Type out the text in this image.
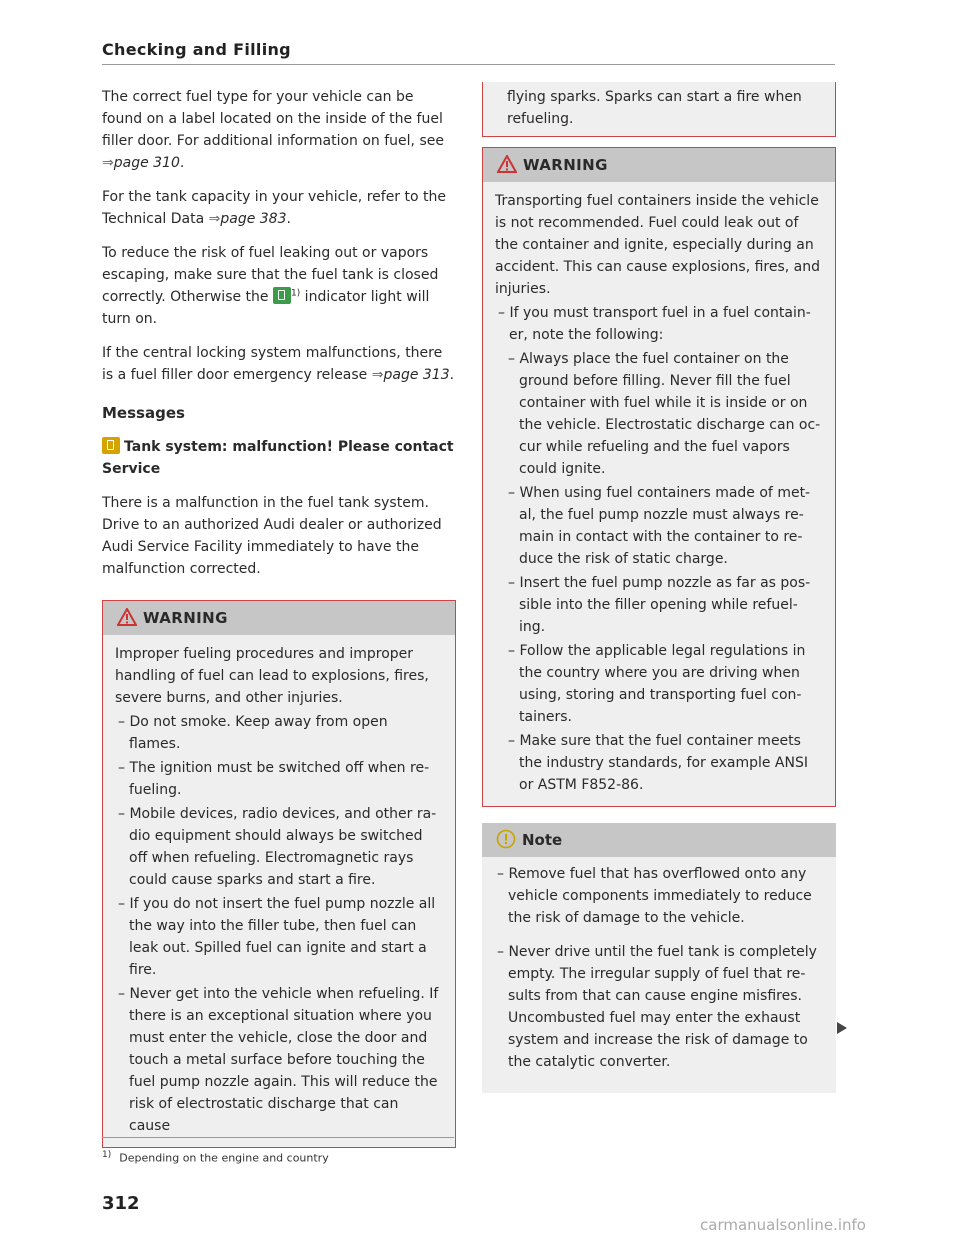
Checking and Filling

The correct fuel type for your vehicle can be found on a label located on the inside of the fuel filler door. For additional information on fuel, see ⇒page 310.

For the tank capacity in your vehicle, refer to the Technical Data ⇒page 383.

To reduce the risk of fuel leaking out or vapors escaping, make sure that the fuel tank is closed correctly. Otherwise the $^{1)}$ indicator light will turn on.

If the central locking system malfunctions, there is a fuel filler door emergency release ⇒page 313.

Messages

Tank system: malfunction! Please contact Service

There is a malfunction in the fuel tank system. Drive to an authorized Audi dealer or authorized Audi Service Facility immediately to have the malfunction corrected.

WARNING

Improper fueling procedures and improper handling of fuel can lead to explosions, fires, severe burns, and other injuries.

– Do not smoke. Keep away from open flames.

– The ignition must be switched off when re-fueling.

– Mobile devices, radio devices, and other ra-dio equipment should always be switched off when refueling. Electromagnetic rays could cause sparks and start a fire.

– If you do not insert the fuel pump nozzle all the way into the filler tube, then fuel can leak out. Spilled fuel can ignite and start a fire.

– Never get into the vehicle when refueling. If there is an exceptional situation where you must enter the vehicle, close the door and touch a metal surface before touching the fuel pump nozzle again. This will reduce the risk of electrostatic discharge that can cause

flying sparks. Sparks can start a fire when refueling.
WARNING

Transporting fuel containers inside the vehicle is not recommended. Fuel could leak out of the container and ignite, especially during an accident. This can cause explosions, fires, and injuries.

– If you must transport fuel in a fuel contain-er, note the following:

– Always place the fuel container on the ground before filling. Never fill the fuel container with fuel while it is inside or on the vehicle. Electrostatic discharge can oc-cur while refueling and the fuel vapors could ignite.

– When using fuel containers made of met-al, the fuel pump nozzle must always re-main in contact with the container to re-duce the risk of static charge.

– Insert the fuel pump nozzle as far as pos-sible into the filler opening while refuel-ing.

– Follow the applicable legal regulations in the country where you are driving when using, storing and transporting fuel con-tainers.

– Make sure that the fuel container meets the industry standards, for example ANSI or ASTM F852-86.

Note

– Remove fuel that has overflowed onto any vehicle components immediately to reduce the risk of damage to the vehicle.

– Never drive until the fuel tank is completely empty. The irregular supply of fuel that re-sults from that can cause engine misfires. Uncombusted fuel may enter the exhaust system and increase the risk of damage to the catalytic converter.

$^{1)}$ Depending on the engine and country
312
carmanualsonline.info
